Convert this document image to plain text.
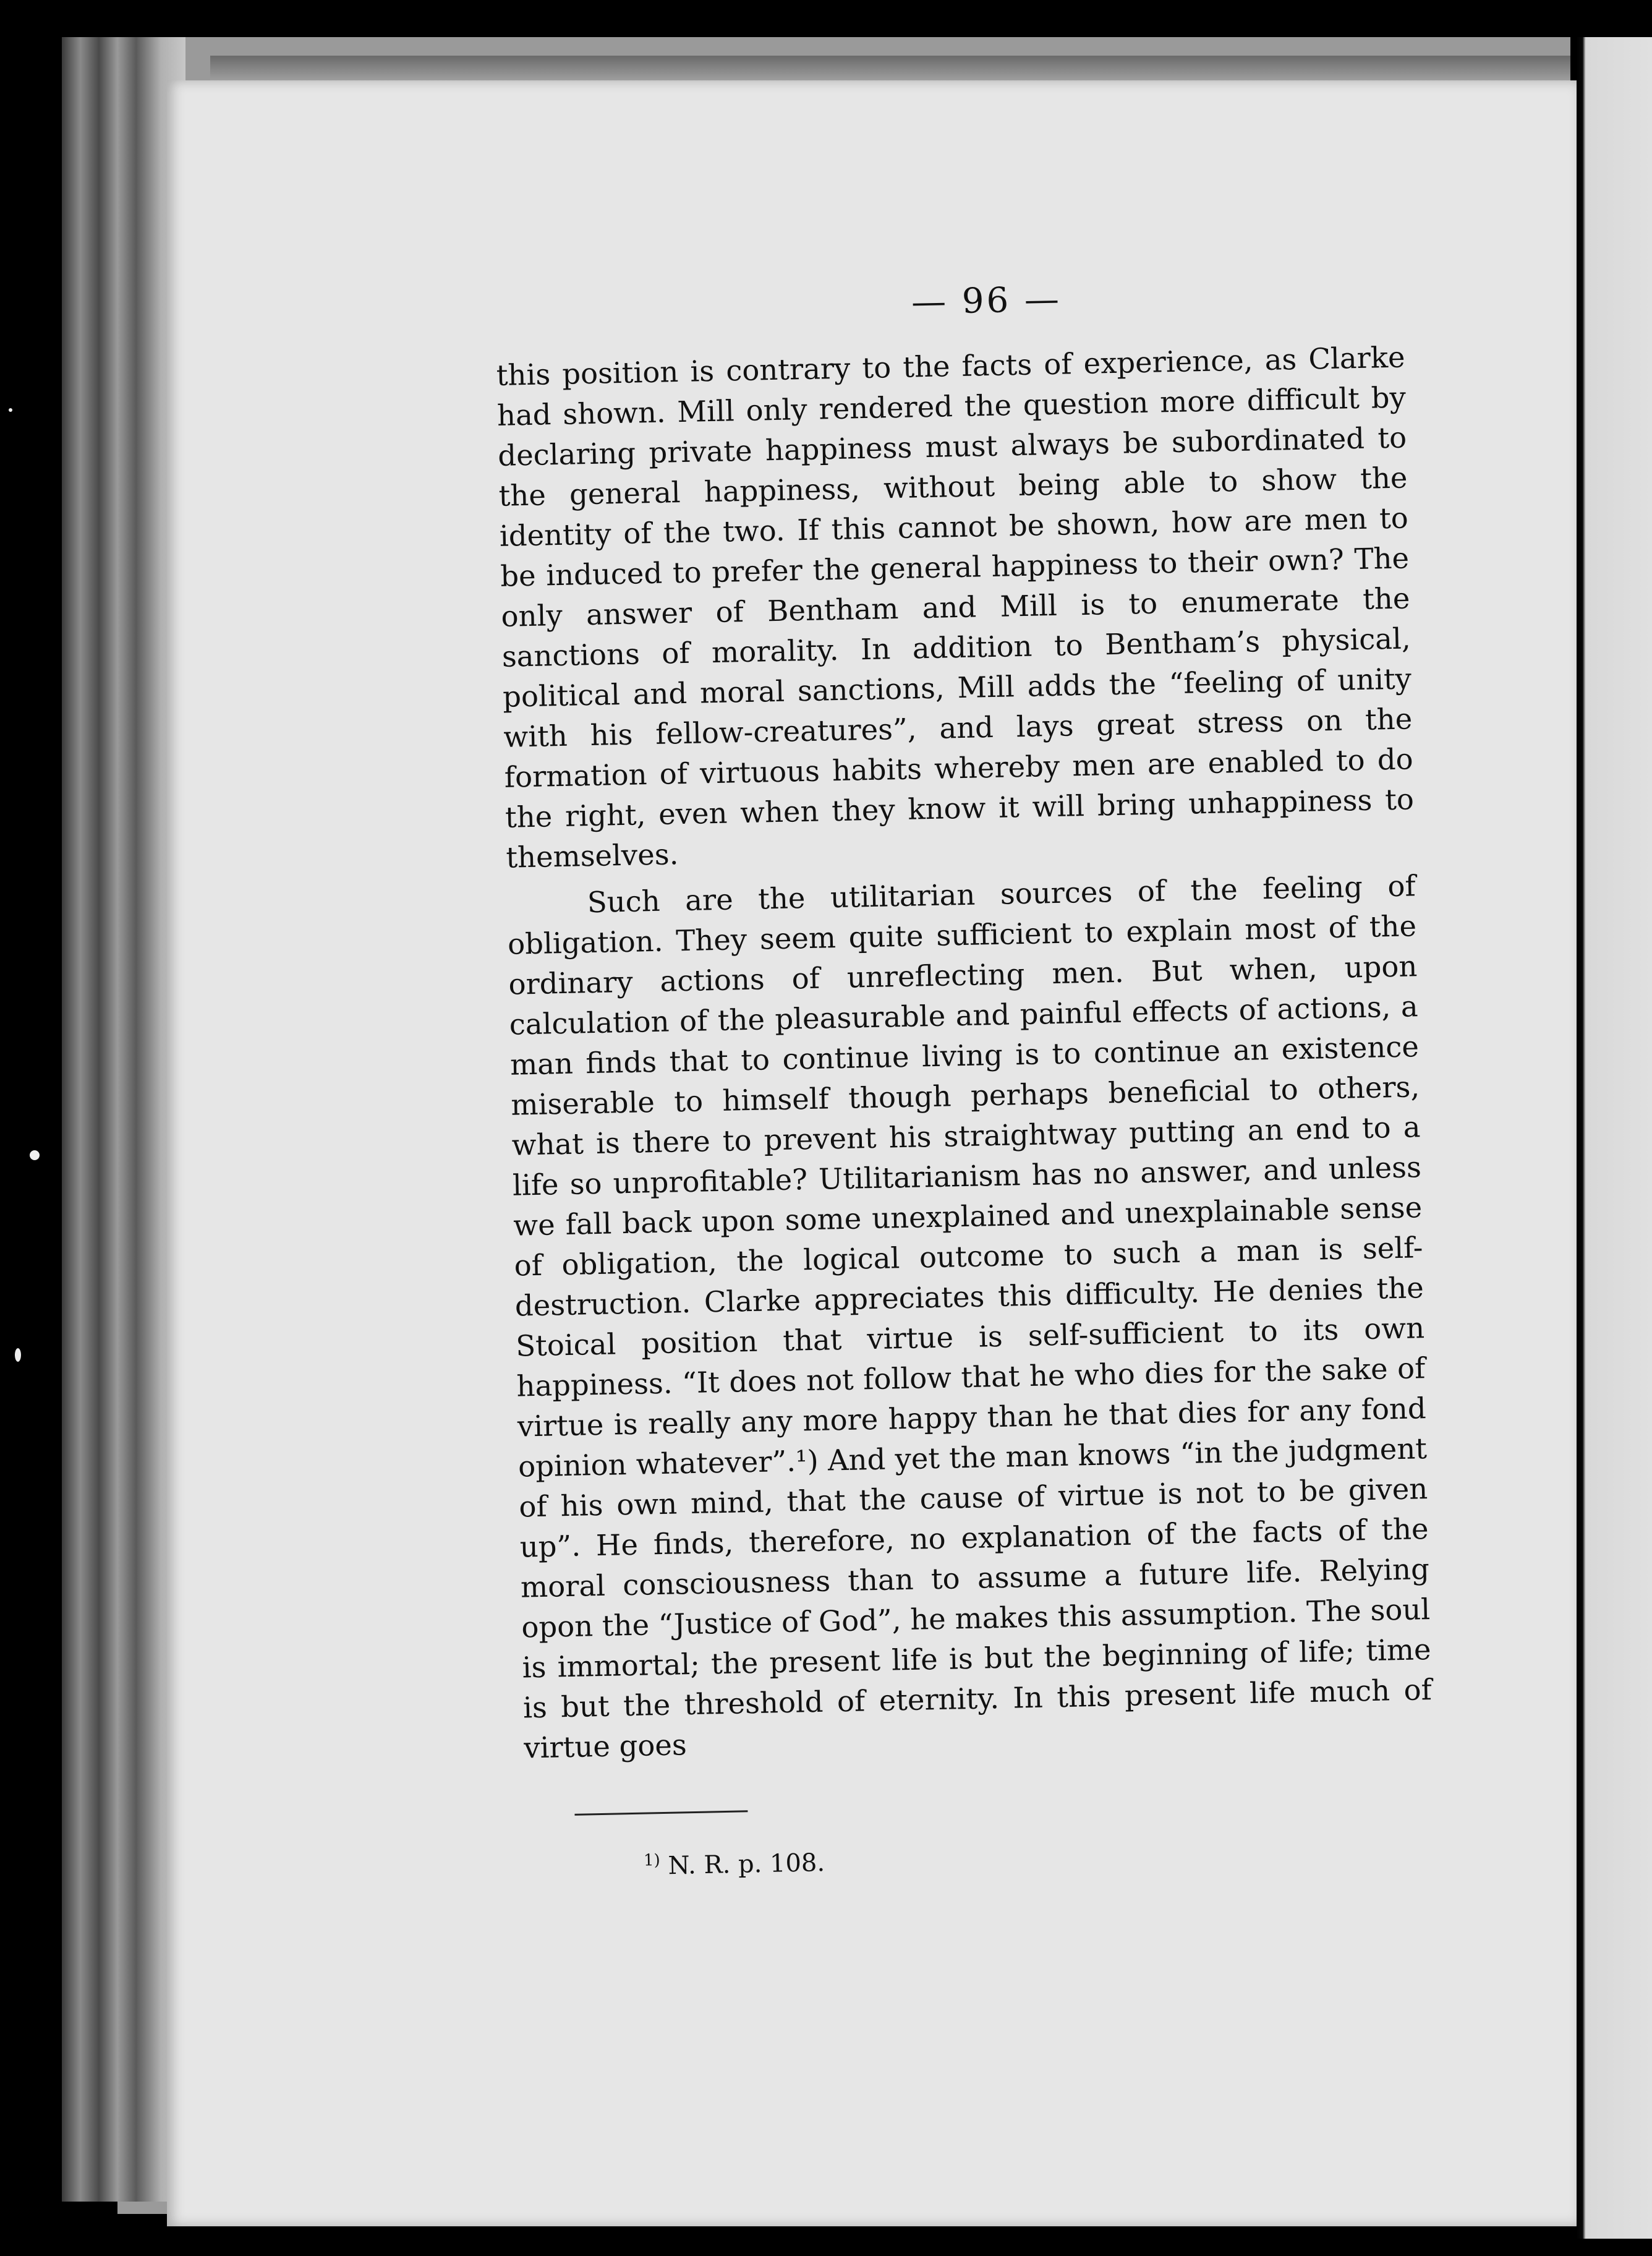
— 96 —

this position is contrary to the facts of experience, as Clarke had shown. Mill only rendered the question more difficult by declaring private happiness must always be subordinated to the general happiness, without being able to show the identity of the two. If this cannot be shown, how are men to be induced to prefer the general happiness to their own? The only answer of Bentham and Mill is to enumerate the sanctions of morality. In addition to Bentham’s physical, political and moral sanctions, Mill adds the “feeling of unity with his fellow-creatures”, and lays great stress on the formation of virtuous habits whereby men are enabled to do the right, even when they know it will bring unhappiness to themselves.

Such are the utilitarian sources of the feeling of obligation. They seem quite sufficient to explain most of the ordinary actions of unreflecting men. But when, upon calculation of the pleasurable and painful effects of actions, a man finds that to continue living is to continue an existence miserable to himself though perhaps beneficial to others, what is there to prevent his straightway putting an end to a life so unprofitable? Utilitarianism has no answer, and unless we fall back upon some unexplained and unexplainable sense of obligation, the logical outcome to such a man is self-destruction. Clarke appreciates this difficulty. He denies the Stoical position that virtue is self-sufficient to its own happiness. “It does not follow that he who dies for the sake of virtue is really any more happy than he that dies for any fond opinion whatever”.¹) And yet the man knows “in the judgment of his own mind, that the cause of virtue is not to be given up”. He finds, therefore, no explanation of the facts of the moral consciousness than to assume a future life. Relying opon the “Justice of God”, he makes this assumption. The soul is immortal; the present life is but the beginning of life; time is but the threshold of eternity. In this present life much of virtue goes

$^{1)}$ N. R. p. 108.
